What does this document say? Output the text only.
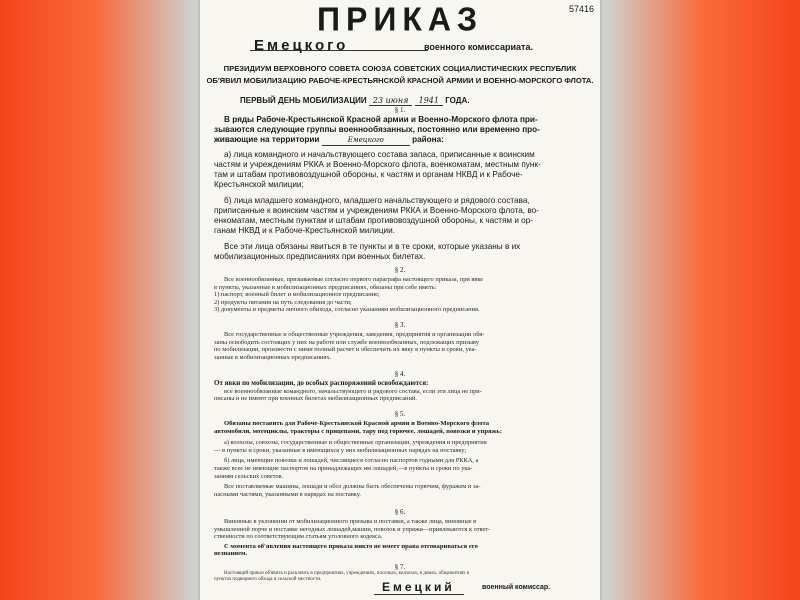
57416
ПРИКАЗ
Емецкого	военного комиссариата.
ПРЕЗИДИУМ ВЕРХОВНОГО СОВЕТА СОЮЗА СОВЕТСКИХ СОЦИАЛИСТИЧЕСКИХ РЕСПУБЛИК
ОБ'ЯВИЛ МОБИЛИЗАЦИЮ РАБОЧЕ-КРЕСТЬЯНСКОЙ КРАСНОЙ АРМИИ И ВОЕННО-МОРСКОГО ФЛОТА.
ПЕРВЫЙ ДЕНЬ МОБИЛИЗАЦИИ 23 июня 1941 ГОДА.
§ 1.

В ряды Рабоче-Крестьянской Красной армии и Военно-Морского флота при-

зываются следующие группы военнообязанных, постоянно или временно про-

живающие на территории	Емецкого	района:

а) лица командного и начальствующего состава запаса, приписанные к воинским

частям и учреждениям РККА и Военно-Морского флота, военкоматам, местным пунк-

там и штабам противовоздушной обороны, к частям и органам НКВД и к Рабоче-

Крестьянской милиции;

б) лица младшего командного, младшего начальствующего и рядового состава,

приписанные к воинским частям и учреждениям РККА и Военно-Морского флота, во-

енкоматам, местным пунктам и штабам противовоздушной обороны, к частям и ор-

ганам НКВД и к Рабоче-Крестьянской милиции.

Все эти лица обязаны явиться в те пункты и в те сроки, которые указаны в их

мобилизационных предписаниях при военных билетах.

§ 2.

Все военнообязанные, призываемые согласно первого параграфа настоящего приказа, при явке

в пункты, указанные в мобилизационных предписаниях, обязаны при себе иметь:

1) паспорт, военный билет и мобилизационное предписание;

2) продукты питания на путь следования до части;

3) документы и предметы личного обихода, согласно указаниям мобилизационного предписания.

§ 3.

Все государственные и общественные учреждения, заведения, предприятия и организации обя-

заны освободить состоящих у них на работе или службе военнообязанных, подлежащих призыву

по мобилизации, произвести с ними полный расчет и обеспечить их явку в пункты и сроки, ука-

занные в мобилизационных предписаниях.

§ 4.

От явки по мобилизации, до особых распоряжений освобождаются:

все военнообязанные командного, начальствующего и рядового состава, если эти лица не при-

писаны и не имеют при военных билетах мобилизационных предписаний.

§ 5.

Обязаны поставить для Рабоче-Крестьянской Красной армии и Военно-Морского флота

автомобили, мотоциклы, тракторы с прицепами, тару под горючее, лошадей, повозки и упряжь:

а) колхозы, совхозы, государственные и общественные организации, учреждения и предприятия

— в пункты и сроки, указанные в имеющихся у них мобилизационных нарядах на поставку;

б) лица, имеющие повозки и лошадей, числящиеся согласно паспортов годными для РККА, а

также всее не имеющие паспортов на принадлежащих им лошадей,—в пункты и сроки по ука-

заниям сельских советов.

Все поставляемые машины, лошади и обоз должны быть обеспечены горючим, фуражем и за-

пасными частями, указанными в нарядах на поставку.

§ 6.

Виновные в уклонении от мобилизационного призыва и поставки, а также лица, виновные в

умышленной порче и поставке негодных лошадей,машин, повозок и упряжи—привлекаются к ответ-

ственности по соответствующим статьям уголовного кодекса.

С момента об'явления настоящего приказа никто не имеет права отговариваться его

незнанием.

§ 7.

Настоящий приказ об'явить и расклеить в предприятиях, учреждениях, поселках, колхозах, в домах, общежитиях в

пунктах подворного обхода и сельской местности.

Емецкий	военный комиссар.
